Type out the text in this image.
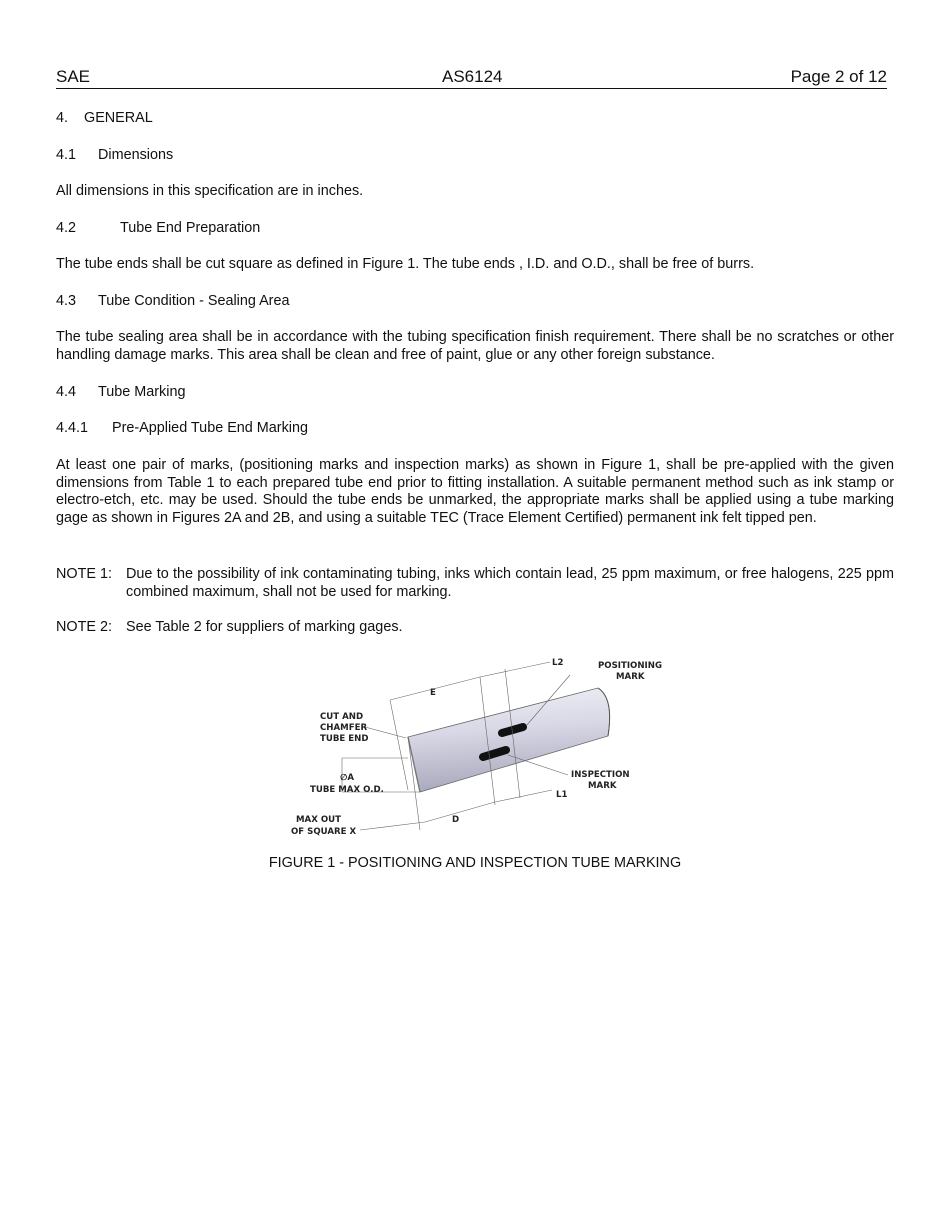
SAE	AS6124	Page 2 of 12
4. GENERAL
4.1 Dimensions
All dimensions in this specification are in inches.
4.2	Tube End Preparation
The tube ends shall be cut square as defined in Figure 1. The tube ends , I.D. and O.D., shall be free of burrs.
4.3 Tube Condition - Sealing Area
The tube sealing area shall be in accordance with the tubing specification finish requirement. There shall be no scratches or other handling damage marks. This area shall be clean and free of paint, glue or any other foreign substance.
4.4 Tube Marking
4.4.1 Pre-Applied Tube End Marking
At least one pair of marks, (positioning marks and inspection marks) as shown in Figure 1, shall be pre-applied with the given dimensions from Table 1 to each prepared tube end prior to fitting installation. A suitable permanent method such as ink stamp or electro-etch, etc. may be used. Should the tube ends be unmarked, the appropriate marks shall be applied using a tube marking gage as shown in Figures 2A and 2B, and using a suitable TEC (Trace Element Certified) permanent ink felt tipped pen.
NOTE 1: Due to the possibility of ink contaminating tubing, inks which contain lead, 25 ppm maximum, or free halogens, 225 ppm combined maximum, shall not be used for marking.
NOTE 2: See Table 2 for suppliers of marking gages.
L2	POSITIONING
MARK
E
CUT AND
CHAMFER
TUBE END
∅A
TUBE MAX O.D.
INSPECTION
MARK
L1
MAX OUT
OF SQUARE X
D
FIGURE 1 - POSITIONING AND INSPECTION TUBE MARKING
